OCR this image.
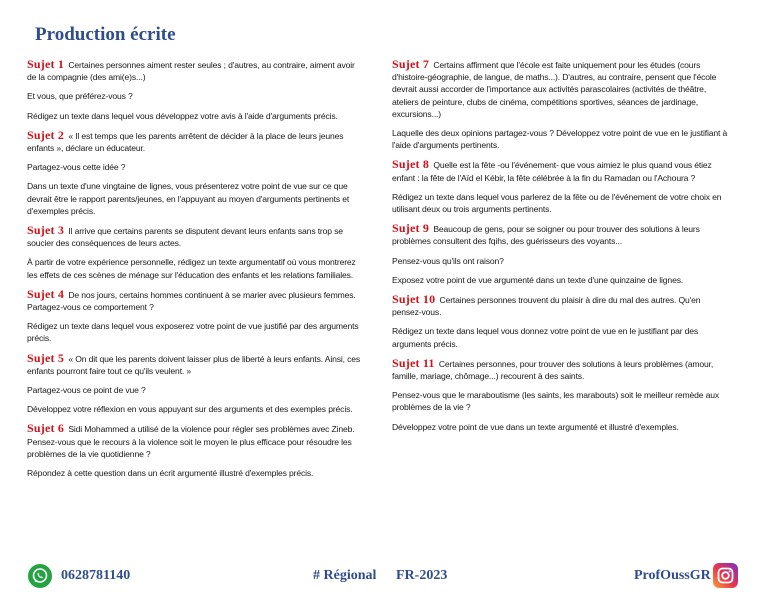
Production écrite

Sujet 1 Certaines personnes aiment rester seules ; d'autres, au contraire, aiment avoir de la compagnie (des ami(e)s...)

Et vous, que préférez-vous ?

Rédigez un texte dans lequel vous développez votre avis à l'aide d'arguments précis.

Sujet 2 « Il est temps que les parents arrêtent de décider à la place de leurs jeunes enfants », déclare un éducateur.

Partagez-vous cette idée ?

Dans un texte d'une vingtaine de lignes, vous présenterez votre point de vue sur ce que devrait être le rapport parents/jeunes, en l'appuyant au moyen d'arguments pertinents et d'exemples précis.

Sujet 3 Il arrive que certains parents se disputent devant leurs enfants sans trop se soucier des conséquences de leurs actes.

À partir de votre expérience personnelle, rédigez un texte argumentatif où vous montrerez les effets de ces scènes de ménage sur l'éducation des enfants et les relations familiales.

Sujet 4 De nos jours, certains hommes continuent à se marier avec plusieurs femmes. Partagez-vous ce comportement ?

Rédigez un texte dans lequel vous exposerez votre point de vue justifié par des arguments précis.

Sujet 5 « On dit que les parents doivent laisser plus de liberté à leurs enfants. Ainsi, ces enfants pourront faire tout ce qu'ils veulent. »

Partagez-vous ce point de vue ?

Développez votre réflexion en vous appuyant sur des arguments et des exemples précis.

Sujet 6 Sidi Mohammed a utilisé de la violence pour régler ses problèmes avec Zineb. Pensez-vous que le recours à la violence soit le moyen le plus efficace pour résoudre les problèmes de la vie quotidienne ?

Répondez à cette question dans un écrit argumenté illustré d'exemples précis.

Sujet 7 Certains affirment que l'école est faite uniquement pour les études (cours d'histoire-géographie, de langue, de maths...). D'autres, au contraire, pensent que l'école devrait aussi accorder de l'importance aux activités parascolaires (activités de théâtre, ateliers de peinture, clubs de cinéma, compétitions sportives, séances de jardinage, excursions...)

Laquelle des deux opinions partagez-vous ? Développez votre point de vue en le justifiant à l'aide d'arguments pertinents.

Sujet 8 Quelle est la fête -ou l'événement- que vous aimiez le plus quand vous étiez enfant : la fête de l'Aïd el Kébir, la fête célébrée à la fin du Ramadan ou l'Achoura ?

Rédigez un texte dans lequel vous parlerez de la fête ou de l'événement de votre choix en utilisant deux ou trois arguments pertinents.

Sujet 9 Beaucoup de gens, pour se soigner ou pour trouver des solutions à leurs problèmes consultent des fqihs, des guérisseurs des voyants...

Pensez-vous qu'ils ont raison?

Exposez votre point de vue argumenté dans un texte d'une quinzaine de lignes.

Sujet 10 Certaines personnes trouvent du plaisir à dire du mal des autres. Qu'en pensez-vous.

Rédigez un texte dans lequel vous donnez votre point de vue en le justifiant par des arguments précis.

Sujet 11 Certaines personnes, pour trouver des solutions à leurs problèmes (amour, famille, mariage, chômage...) recourent à des saints.

Pensez-vous que le maraboutisme (les saints, les marabouts) soit le meilleur remède aux problèmes de la vie ?

Développez votre point de vue dans un texte argumenté et illustré d'exemples.

0628781140	# Régional FR-2023	ProfOussGR
